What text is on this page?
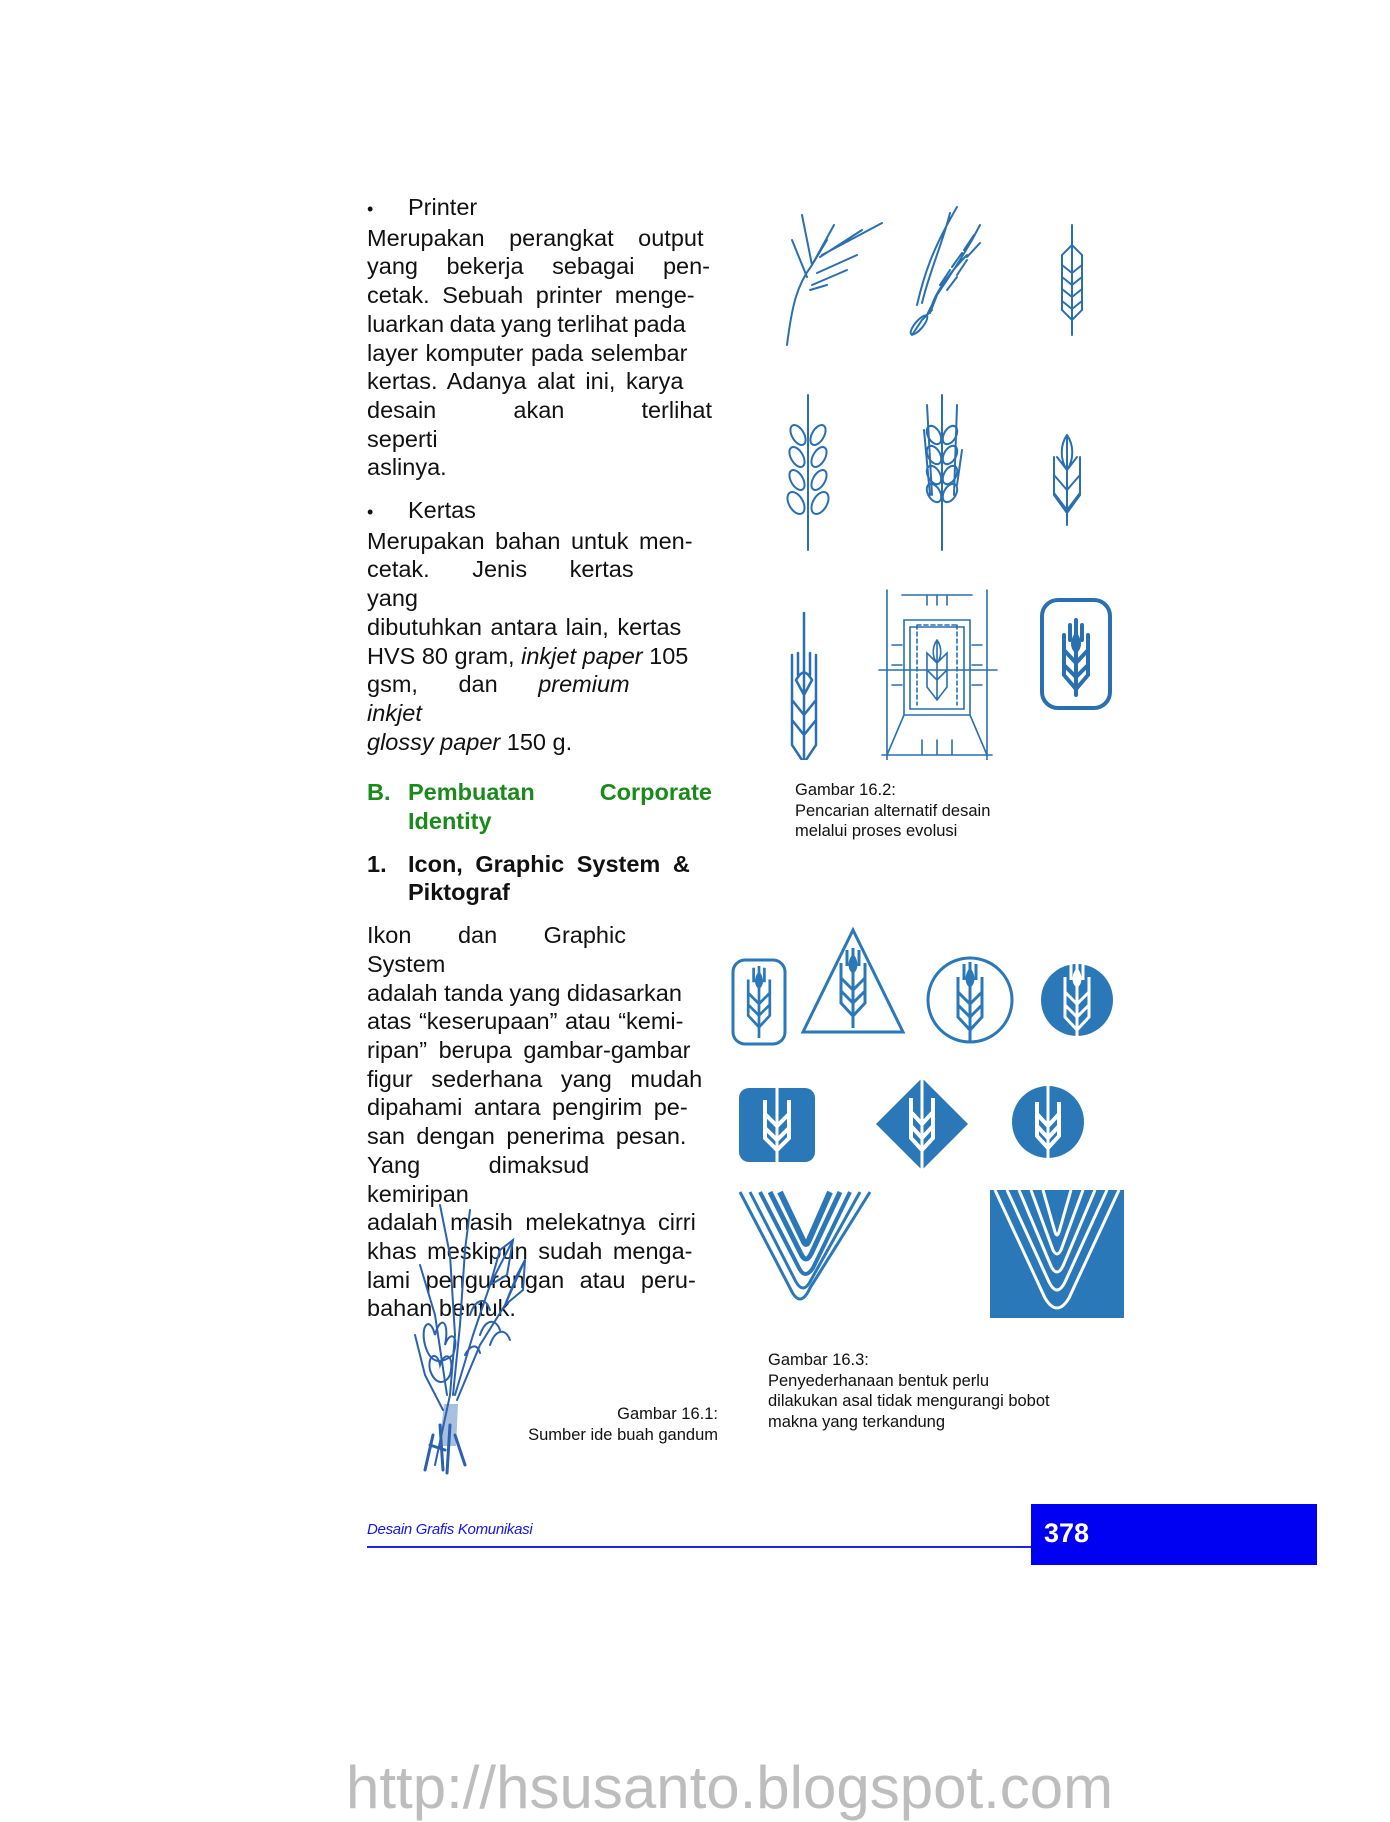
•	Printer
Merupakan perangkat output
yang bekerja sebagai pen-
cetak. Sebuah printer menge-
luarkan data yang terlihat pada
layer komputer pada selembar
kertas. Adanya alat ini, karya
desain akan terlihat seperti
aslinya.
•	Kertas
Merupakan bahan untuk men-
cetak. Jenis kertas yang
dibutuhkan antara lain, kertas
HVS 80 gram, inkjet paper 105
gsm, dan premium inkjet
glossy paper 150 g.
B. Pembuatan	Corporate
Identity
1. Icon, Graphic System &
Piktograf
Ikon dan Graphic System
adalah tanda yang didasarkan
atas “keserupaan” atau “kemi-
ripan” berupa gambar-gambar
figur sederhana yang mudah
dipahami antara pengirim pe-
san dengan penerima pesan.
Yang dimaksud kemiripan
adalah masih melekatnya cirri
khas meskipun sudah menga-
lami pengurangan atau peru-
bahan bentuk.
Gambar 16.2:
Pencarian alternatif desain
melalui proses evolusi
Gambar 16.3:
Penyederhanaan bentuk perlu
dilakukan asal tidak mengurangi bobot
makna yang terkandung
Gambar 16.1:
Sumber ide buah gandum
Desain Grafis Komunikasi	378
http://hsusanto.blogspot.com
